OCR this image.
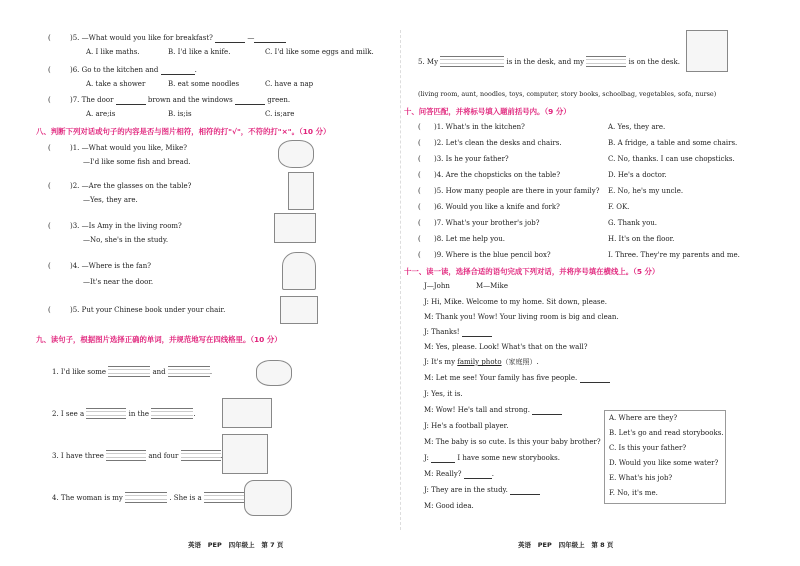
(	)5. —What would you like for breakfast?	—
A. I like maths.	B. I'd like a knife.	C. I'd like some eggs and milk.
(	)6. Go to the kitchen and	.
A. take a shower	B. eat some noodles	C. have a nap
(	)7. The door	brown and the windows	green.
A. are;is	B. is;is	C. is;are
八、判断下列对话或句子的内容是否与图片相符，相符的打"√"，不符的打"×"。（10 分）
(	)1. —What would you like, Mike?
—I'd like some fish and bread.
(	)2. —Are the glasses on the table?
—Yes, they are.
(	)3. —Is Amy in the living room?
—No, she's in the study.
(	)4. —Where is the fan?
—It's near the door.
(	)5. Put your Chinese book under your chair.
九、读句子，根据图片选择正确的单词，并规范地写在四线格里。（10 分）
1. I'd like some	and	.
2. I see a	in the	.
3. I have three	and four
4. The woman is my	. She is a
英语 PEP 四年级上 第 7 页
5. My	is in the desk, and my	is on the desk.
(living room, aunt, noodles, toys, computer, story books, schoolbag, vegetables, sofa, nurse)
十、问答匹配，并将标号填入题前括号内。（9 分）
( )1. What's in the kitchen?	A. Yes, they are.
( )2. Let's clean the desks and chairs.	B. A fridge, a table and some chairs.
( )3. Is he your father?	C. No, thanks. I can use chopsticks.
( )4. Are the chopsticks on the table?	D. He's a doctor.
( )5. How many people are there in your family? E. No, he's my uncle.
( )6. Would you like a knife and fork?	F. OK.
( )7. What's your brother's job?	G. Thank you.
( )8. Let me help you.	H. It's on the floor.
( )9. Where is the blue pencil box?	I. Three. They're my parents and me.
十一、读一读，选择合适的语句完成下列对话，并将序号填在横线上。（5 分）
J—John	M—Mike
J: Hi, Mike. Welcome to my home. Sit down, please.
M: Thank you! Wow! Your living room is big and clean.
J: Thanks!
M: Yes, please. Look! What's that on the wall?
J: It's my family photo（家庭照）.
M: Let me see! Your family has five people.
J: Yes, it is.
M: Wow! He's tall and strong.
J: He's a football player.
M: The baby is so cute. Is this your baby brother?
J:	I have some new storybooks.
M: Really?	.
J: They are in the study.
M: Good idea.
A. Where are they?
B. Let's go and read storybooks.
C. Is this your father?
D. Would you like some water?
E. What's his job?
F. No, it's me.
英语 PEP 四年级上 第 8 页
